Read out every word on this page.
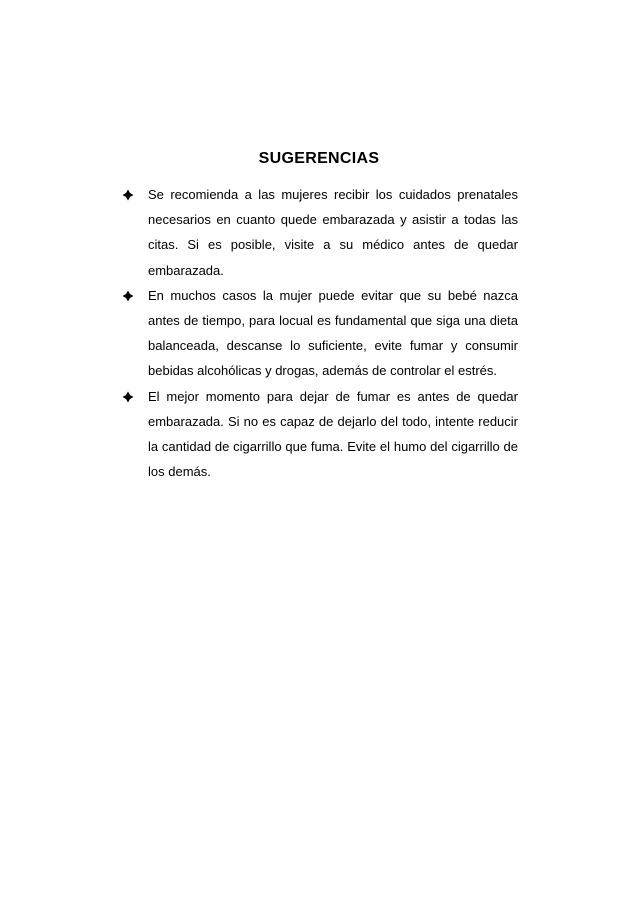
SUGERENCIAS
Se recomienda a las mujeres recibir los cuidados prenatales necesarios en cuanto quede embarazada y asistir a todas las citas. Si es posible, visite a su médico antes de quedar embarazada.
En muchos casos la mujer puede evitar que su bebé nazca antes de tiempo, para locual es fundamental que siga una dieta balanceada, descanse lo suficiente, evite fumar y consumir bebidas alcohólicas y drogas, además de controlar el estrés.
El mejor momento para dejar de fumar es antes de quedar embarazada. Si no es capaz de dejarlo del todo, intente reducir la cantidad de cigarrillo que fuma. Evite el humo del cigarrillo de los demás.
